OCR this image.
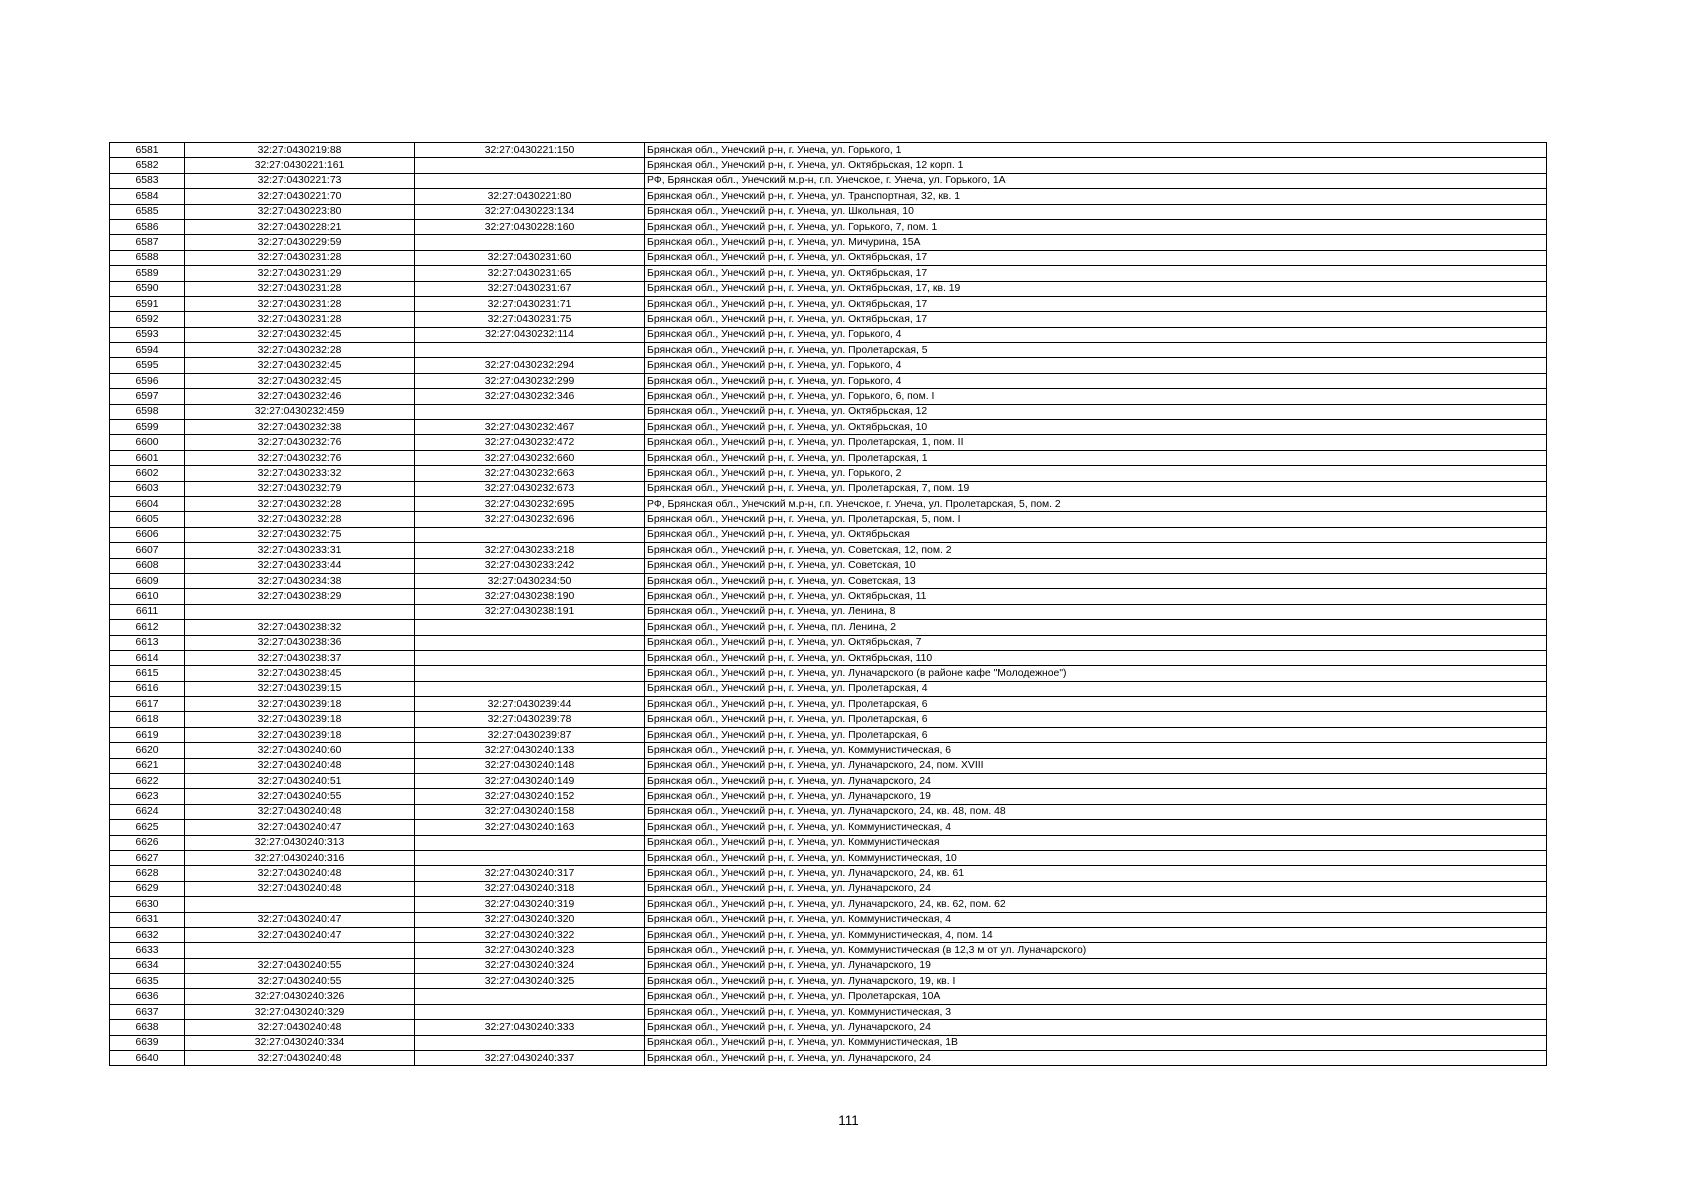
6581	32:27:0430219:88	32:27:0430221:150	Брянская обл., Унечский р-н, г. Унеча, ул. Горького, 1
6582	32:27:0430221:161		Брянская обл., Унечский р-н, г. Унеча, ул. Октябрьская, 12 корп. 1
6583	32:27:0430221:73		РФ, Брянская обл., Унечский м.р-н, г.п. Унечское, г. Унеча, ул. Горького, 1А
6584	32:27:0430221:70	32:27:0430221:80	Брянская обл., Унечский р-н, г. Унеча, ул. Транспортная, 32, кв. 1
6585	32:27:0430223:80	32:27:0430223:134	Брянская обл., Унечский р-н, г. Унеча, ул. Школьная, 10
6586	32:27:0430228:21	32:27:0430228:160	Брянская обл., Унечский р-н, г. Унеча, ул. Горького, 7, пом. 1
6587	32:27:0430229:59		Брянская обл., Унечский р-н, г. Унеча, ул. Мичурина, 15А
6588	32:27:0430231:28	32:27:0430231:60	Брянская обл., Унечский р-н, г. Унеча, ул. Октябрьская, 17
6589	32:27:0430231:29	32:27:0430231:65	Брянская обл., Унечский р-н, г. Унеча, ул. Октябрьская, 17
6590	32:27:0430231:28	32:27:0430231:67	Брянская обл., Унечский р-н, г. Унеча, ул. Октябрьская, 17, кв. 19
6591	32:27:0430231:28	32:27:0430231:71	Брянская обл., Унечский р-н, г. Унеча, ул. Октябрьская, 17
6592	32:27:0430231:28	32:27:0430231:75	Брянская обл., Унечский р-н, г. Унеча, ул. Октябрьская, 17
6593	32:27:0430232:45	32:27:0430232:114	Брянская обл., Унечский р-н, г. Унеча, ул. Горького, 4
6594	32:27:0430232:28		Брянская обл., Унечский р-н, г. Унеча, ул. Пролетарская, 5
6595	32:27:0430232:45	32:27:0430232:294	Брянская обл., Унечский р-н, г. Унеча, ул. Горького, 4
6596	32:27:0430232:45	32:27:0430232:299	Брянская обл., Унечский р-н, г. Унеча, ул. Горького, 4
6597	32:27:0430232:46	32:27:0430232:346	Брянская обл., Унечский р-н, г. Унеча, ул. Горького, 6, пом. I
6598	32:27:0430232:459		Брянская обл., Унечский р-н, г. Унеча, ул. Октябрьская, 12
6599	32:27:0430232:38	32:27:0430232:467	Брянская обл., Унечский р-н, г. Унеча, ул. Октябрьская, 10
6600	32:27:0430232:76	32:27:0430232:472	Брянская обл., Унечский р-н, г. Унеча, ул. Пролетарская, 1, пом. II
6601	32:27:0430232:76	32:27:0430232:660	Брянская обл., Унечский р-н, г. Унеча, ул. Пролетарская, 1
6602	32:27:0430233:32	32:27:0430232:663	Брянская обл., Унечский р-н, г. Унеча, ул. Горького, 2
6603	32:27:0430232:79	32:27:0430232:673	Брянская обл., Унечский р-н, г. Унеча, ул. Пролетарская, 7, пом. 19
6604	32:27:0430232:28	32:27:0430232:695	РФ, Брянская обл., Унечский м.р-н, г.п. Унечское, г. Унеча, ул. Пролетарская, 5, пом. 2
6605	32:27:0430232:28	32:27:0430232:696	Брянская обл., Унечский р-н, г. Унеча, ул. Пролетарская, 5, пом. I
6606	32:27:0430232:75		Брянская обл., Унечский р-н, г. Унеча, ул. Октябрьская
6607	32:27:0430233:31	32:27:0430233:218	Брянская обл., Унечский р-н, г. Унеча, ул. Советская, 12, пом. 2
6608	32:27:0430233:44	32:27:0430233:242	Брянская обл., Унечский р-н, г. Унеча, ул. Советская, 10
6609	32:27:0430234:38	32:27:0430234:50	Брянская обл., Унечский р-н, г. Унеча, ул. Советская, 13
6610	32:27:0430238:29	32:27:0430238:190	Брянская обл., Унечский р-н, г. Унеча, ул. Октябрьская, 11
6611		32:27:0430238:191	Брянская обл., Унечский р-н, г. Унеча, ул. Ленина, 8
6612	32:27:0430238:32		Брянская обл., Унечский р-н, г. Унеча, пл. Ленина, 2
6613	32:27:0430238:36		Брянская обл., Унечский р-н, г. Унеча, ул. Октябрьская, 7
6614	32:27:0430238:37		Брянская обл., Унечский р-н, г. Унеча, ул. Октябрьская, 110
6615	32:27:0430238:45		Брянская обл., Унечский р-н, г. Унеча, ул. Луначарского (в районе кафе "Молодежное")
6616	32:27:0430239:15		Брянская обл., Унечский р-н, г. Унеча, ул. Пролетарская, 4
6617	32:27:0430239:18	32:27:0430239:44	Брянская обл., Унечский р-н, г. Унеча, ул. Пролетарская, 6
6618	32:27:0430239:18	32:27:0430239:78	Брянская обл., Унечский р-н, г. Унеча, ул. Пролетарская, 6
6619	32:27:0430239:18	32:27:0430239:87	Брянская обл., Унечский р-н, г. Унеча, ул. Пролетарская, 6
6620	32:27:0430240:60	32:27:0430240:133	Брянская обл., Унечский р-н, г. Унеча, ул. Коммунистическая, 6
6621	32:27:0430240:48	32:27:0430240:148	Брянская обл., Унечский р-н, г. Унеча, ул. Луначарского, 24, пом. XVIII
6622	32:27:0430240:51	32:27:0430240:149	Брянская обл., Унечский р-н, г. Унеча, ул. Луначарского, 24
6623	32:27:0430240:55	32:27:0430240:152	Брянская обл., Унечский р-н, г. Унеча, ул. Луначарского, 19
6624	32:27:0430240:48	32:27:0430240:158	Брянская обл., Унечский р-н, г. Унеча, ул. Луначарского, 24, кв. 48, пом. 48
6625	32:27:0430240:47	32:27:0430240:163	Брянская обл., Унечский р-н, г. Унеча, ул. Коммунистическая, 4
6626	32:27:0430240:313		Брянская обл., Унечский р-н, г. Унеча, ул. Коммунистическая
6627	32:27:0430240:316		Брянская обл., Унечский р-н, г. Унеча, ул. Коммунистическая, 10
6628	32:27:0430240:48	32:27:0430240:317	Брянская обл., Унечский р-н, г. Унеча, ул. Луначарского, 24, кв. 61
6629	32:27:0430240:48	32:27:0430240:318	Брянская обл., Унечский р-н, г. Унеча, ул. Луначарского, 24
6630		32:27:0430240:319	Брянская обл., Унечский р-н, г. Унеча, ул. Луначарского, 24, кв. 62, пом. 62
6631	32:27:0430240:47	32:27:0430240:320	Брянская обл., Унечский р-н, г. Унеча, ул. Коммунистическая, 4
6632	32:27:0430240:47	32:27:0430240:322	Брянская обл., Унечский р-н, г. Унеча, ул. Коммунистическая, 4, пом. 14
6633		32:27:0430240:323	Брянская обл., Унечский р-н, г. Унеча, ул. Коммунистическая (в 12,3 м от ул. Луначарского)
6634	32:27:0430240:55	32:27:0430240:324	Брянская обл., Унечский р-н, г. Унеча, ул. Луначарского, 19
6635	32:27:0430240:55	32:27:0430240:325	Брянская обл., Унечский р-н, г. Унеча, ул. Луначарского, 19, кв. I
6636	32:27:0430240:326		Брянская обл., Унечский р-н, г. Унеча, ул. Пролетарская, 10А
6637	32:27:0430240:329		Брянская обл., Унечский р-н, г. Унеча, ул. Коммунистическая, 3
6638	32:27:0430240:48	32:27:0430240:333	Брянская обл., Унечский р-н, г. Унеча, ул. Луначарского, 24
6639	32:27:0430240:334		Брянская обл., Унечский р-н, г. Унеча, ул. Коммунистическая, 1В
6640	32:27:0430240:48	32:27:0430240:337	Брянская обл., Унечский р-н, г. Унеча, ул. Луначарского, 24
111
